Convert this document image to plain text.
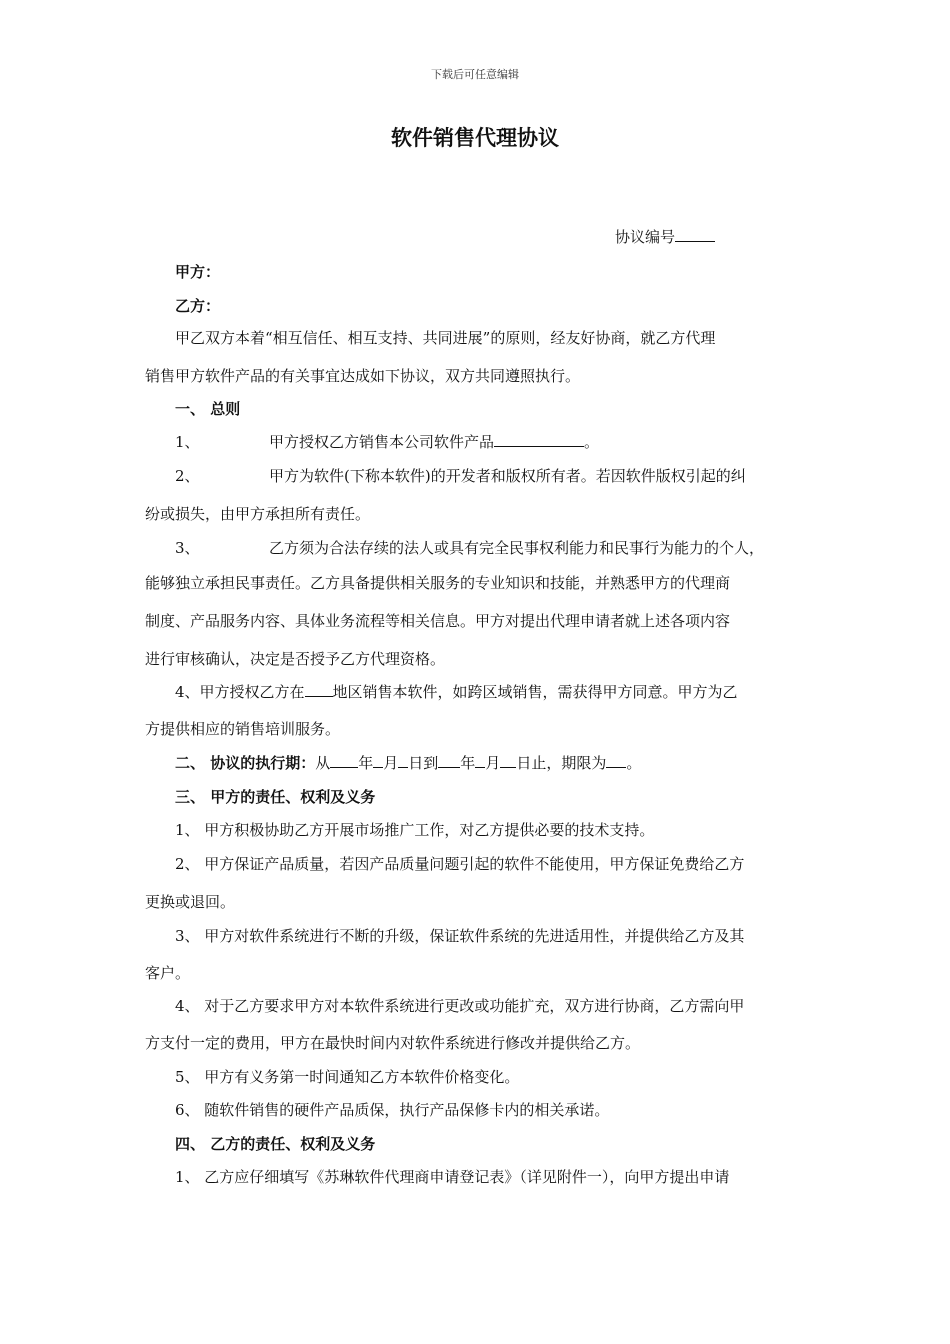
下载后可任意编辑
软件销售代理协议
协议编号
甲方：
乙方：
甲乙双方本着“相互信任、相互支持、共同进展”的原则，经友好协商，就乙方代理
销售甲方软件产品的有关事宜达成如下协议，双方共同遵照执行。
一、 总则
1、	甲方授权乙方销售本公司软件产品	。
2、	甲方为软件(下称本软件)的开发者和版权所有者。若因软件版权引起的纠
纷或损失，由甲方承担所有责任。
3、	乙方须为合法存续的法人或具有完全民事权利能力和民事行为能力的个人，
能够独立承担民事责任。乙方具备提供相关服务的专业知识和技能，并熟悉甲方的代理商
制度、产品服务内容、具体业务流程等相关信息。甲方对提出代理申请者就上述各项内容
进行审核确认，决定是否授予乙方代理资格。
4、甲方授权乙方在 地区销售本软件，如跨区域销售，需获得甲方同意。甲方为乙
方提供相应的销售培训服务。
二、 协议的执行期：从 年 月 日到 年 月 日止，期限为 。
三、 甲方的责任、权利及义务
1、 甲方积极协助乙方开展市场推广工作，对乙方提供必要的技术支持。
2、 甲方保证产品质量，若因产品质量问题引起的软件不能使用，甲方保证免费给乙方
更换或退回。
3、 甲方对软件系统进行不断的升级，保证软件系统的先进适用性，并提供给乙方及其
客户。
4、 对于乙方要求甲方对本软件系统进行更改或功能扩充，双方进行协商，乙方需向甲
方支付一定的费用，甲方在最快时间内对软件系统进行修改并提供给乙方。
5、 甲方有义务第一时间通知乙方本软件价格变化。
6、 随软件销售的硬件产品质保，执行产品保修卡内的相关承诺。
四、 乙方的责任、权利及义务
1、 乙方应仔细填写《苏琳软件代理商申请登记表》（详见附件一），向甲方提出申请
